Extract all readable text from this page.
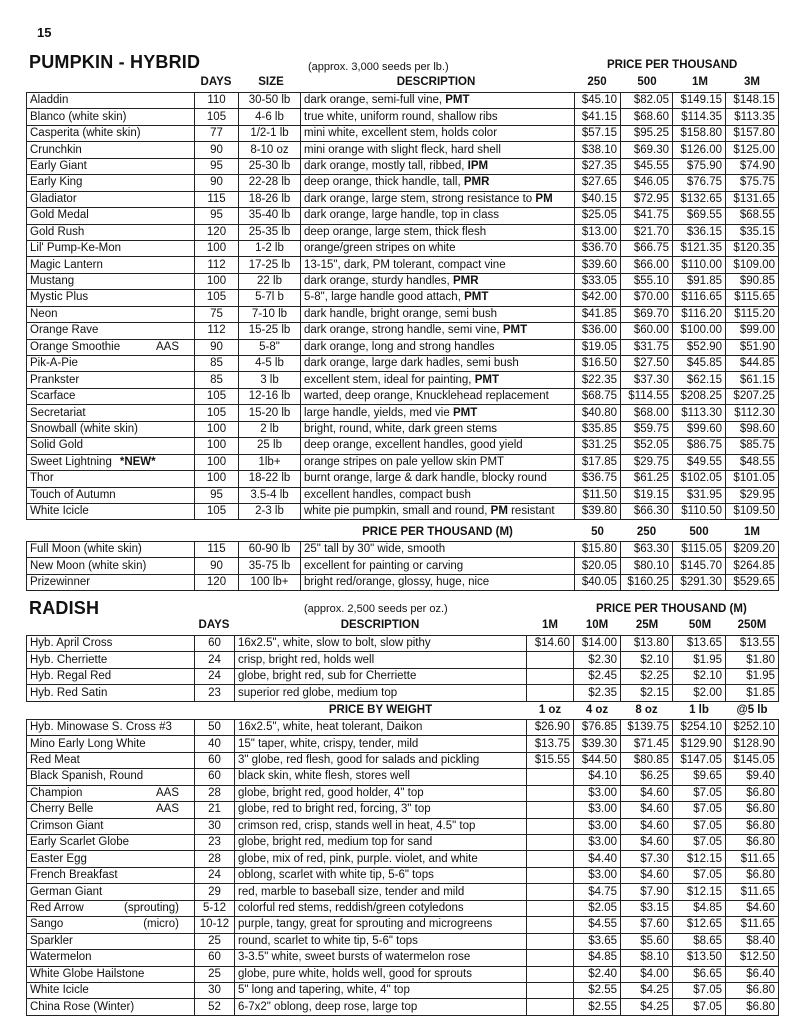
15
PUMPKIN - HYBRID	(approx. 3,000 seeds per lb.)	PRICE PER THOUSAND
DAYS	SIZE	DESCRIPTION	250	500	1M	3M
Aladdin	110	30-50 lb	dark orange, semi-full vine, PMT	$45.10	$82.05	$149.15	$148.15
Blanco (white skin)	105	4-6 lb	true white, uniform round, shallow ribs	$41.15	$68.60	$114.35	$113.35
Casperita (white skin)	77	1/2-1 lb	mini white, excellent stem, holds color	$57.15	$95.25	$158.80	$157.80
Crunchkin	90	8-10 oz	mini orange with slight fleck, hard shell	$38.10	$69.30	$126.00	$125.00
Early Giant	95	25-30 lb	dark orange, mostly tall, ribbed, IPM	$27.35	$45.55	$75.90	$74.90
Early King	90	22-28 lb	deep orange, thick handle, tall, PMR	$27.65	$46.05	$76.75	$75.75
Gladiator	115	18-26 lb	dark orange, large stem, strong resistance to PM	$40.15	$72.95	$132.65	$131.65
Gold Medal	95	35-40 lb	dark orange, large handle, top in class	$25.05	$41.75	$69.55	$68.55
Gold Rush	120	25-35 lb	deep orange, large stem, thick flesh	$13.00	$21.70	$36.15	$35.15
Lil' Pump-Ke-Mon	100	1-2 lb	orange/green stripes on white	$36.70	$66.75	$121.35	$120.35
Magic Lantern	112	17-25 lb	13-15", dark, PM tolerant, compact vine	$39.60	$66.00	$110.00	$109.00
Mustang	100	22 lb	dark orange, sturdy handles, PMR	$33.05	$55.10	$91.85	$90.85
Mystic Plus	105	5-7l b	5-8", large handle good attach, PMT	$42.00	$70.00	$116.65	$115.65
Neon	75	7-10 lb	dark handle, bright orange, semi bush	$41.85	$69.70	$116.20	$115.20
Orange Rave	112	15-25 lb	dark orange, strong handle, semi vine, PMT	$36.00	$60.00	$100.00	$99.00

AAS
Orange Smoothie	90	5-8"	dark orange, long and strong handles	$19.05	$31.75	$52.90	$51.90
Pik-A-Pie	85	4-5 lb	dark orange, large dark hadles, semi bush	$16.50	$27.50	$45.85	$44.85
Prankster	85	3 lb	excellent stem, ideal for painting, PMT	$22.35	$37.30	$62.15	$61.15
Scarface	105	12-16 lb	warted, deep orange, Knucklehead replacement	$68.75	$114.55	$208.25	$207.25
Secretariat	105	15-20 lb	large handle, yields, med vie PMT	$40.80	$68.00	$113.30	$112.30
Snowball (white skin)	100	2 lb	bright, round, white, dark green stems	$35.85	$59.75	$99.60	$98.60
Solid Gold	100	25 lb	deep orange, excellent handles, good yield	$31.25	$52.05	$86.75	$85.75
Sweet Lightning *NEW*	100	1lb+	orange stripes on pale yellow skin PMT	$17.85	$29.75	$49.55	$48.55
Thor	100	18-22 lb	burnt orange, large & dark handle, blocky round	$36.75	$61.25	$102.05	$101.05
Touch of Autumn	95	3.5-4 lb	excellent handles, compact bush	$11.50	$19.15	$31.95	$29.95
White Icicle	105	2-3 lb	white pie pumpkin, small and round, PM resistant	$39.80	$66.30	$110.50	$109.50
			PRICE PER THOUSAND (M)	50	250	500	1M
Full Moon (white skin)	115	60-90 lb	25" tall by 30" wide, smooth	$15.80	$63.30	$115.05	$209.20
New Moon (white skin)	90	35-75 lb	excellent for painting or carving	$20.05	$80.10	$145.70	$264.85
Prizewinner	120	100 lb+	bright red/orange, glossy, huge, nice	$40.05	$160.25	$291.30	$529.65
RADISH	(approx. 2,500 seeds per oz.)	PRICE PER THOUSAND (M)
DAYS	DESCRIPTION	1M	10M	25M	50M	250M
Hyb. April Cross	60	16x2.5", white, slow to bolt, slow pithy	$14.60	$14.00	$13.80	$13.65	$13.55
Hyb. Cherriette	24	crisp, bright red, holds well		$2.30	$2.10	$1.95	$1.80
Hyb. Regal Red	24	globe, bright red, sub for Cherriette		$2.45	$2.25	$2.10	$1.95
Hyb. Red Satin	23	superior red globe, medium top		$2.35	$2.15	$2.00	$1.85
		PRICE BY WEIGHT	1 oz	4 oz	8 oz	1 lb	@5 lb
Hyb. Minowase S. Cross #3	50	16x2.5", white, heat tolerant, Daikon	$26.90	$76.85	$139.75	$254.10	$252.10
Mino Early Long White	40	15" taper, white, crispy, tender, mild	$13.75	$39.30	$71.45	$129.90	$128.90
Red Meat	60	3" globe, red flesh, good for salads and pickling	$15.55	$44.50	$80.85	$147.05	$145.05
Black Spanish, Round	60	black skin, white flesh, stores well		$4.10	$6.25	$9.65	$9.40

AAS
Champion	28	globe, bright red, good holder, 4" top		$3.00	$4.60	$7.05	$6.80

AAS
Cherry Belle	21	globe, red to bright red, forcing, 3" top		$3.00	$4.60	$7.05	$6.80
Crimson Giant	30	crimson red, crisp, stands well in heat, 4.5" top		$3.00	$4.60	$7.05	$6.80
Early Scarlet Globe	23	globe, bright red, medium top for sand		$3.00	$4.60	$7.05	$6.80
Easter Egg	28	globe, mix of red, pink, purple. violet, and white		$4.40	$7.30	$12.15	$11.65
French Breakfast	24	oblong, scarlet with white tip, 5-6" tops		$3.00	$4.60	$7.05	$6.80
German Giant	29	red, marble to baseball size, tender and mild		$4.75	$7.90	$12.15	$11.65

(sprouting)
Red Arrow	5-12	colorful red stems, reddish/green cotyledons		$2.05	$3.15	$4.85	$4.60

(micro)
Sango	10-12	purple, tangy, great for sprouting and microgreens		$4.55	$7.60	$12.65	$11.65
Sparkler	25	round, scarlet to white tip, 5-6" tops		$3.65	$5.60	$8.65	$8.40
Watermelon	60	3-3.5" white, sweet bursts of watermelon rose		$4.85	$8.10	$13.50	$12.50
White Globe Hailstone	25	globe, pure white, holds well, good for sprouts		$2.40	$4.00	$6.65	$6.40
White Icicle	30	5" long and tapering, white, 4" top		$2.55	$4.25	$7.05	$6.80
China Rose (Winter)	52	6-7x2" oblong, deep rose, large top		$2.55	$4.25	$7.05	$6.80
